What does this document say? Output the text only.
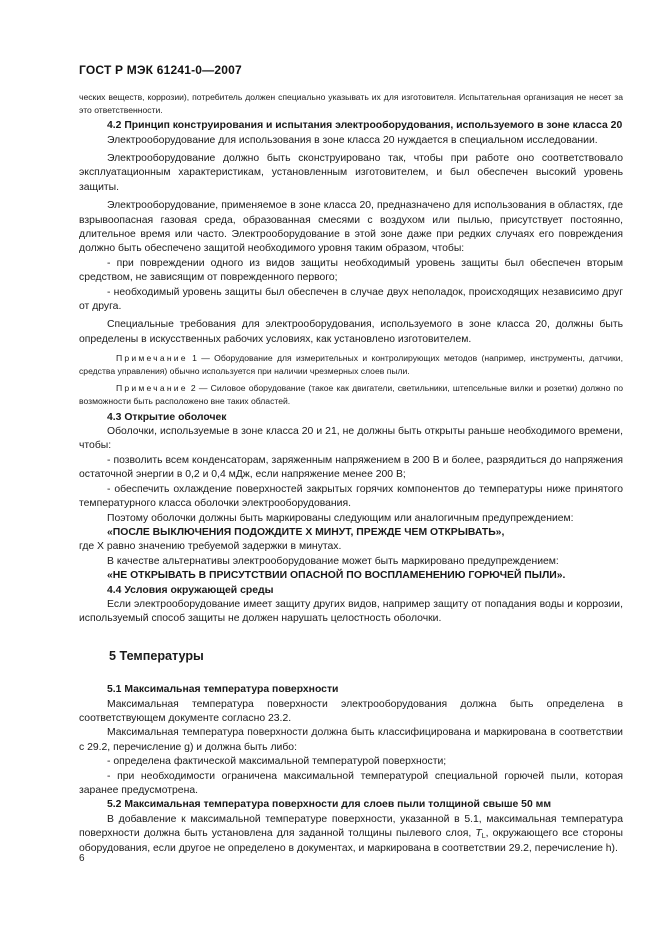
ГОСТ Р МЭК 61241-0—2007

ческих веществ, коррозии), потребитель должен специально указывать их для изготовителя. Испытательная организация не несет за это ответственности.

4.2 Принцип конструирования и испытания электрооборудования, используемого в зоне класса 20

Электрооборудование для использования в зоне класса 20 нуждается в специальном исследовании.

Электрооборудование должно быть сконструировано так, чтобы при работе оно соответствовало эксплуатационным характеристикам, установленным изготовителем, и был обеспечен высокий уровень защиты.

Электрооборудование, применяемое в зоне класса 20, предназначено для использования в областях, где взрывоопасная газовая среда, образованная смесями с воздухом или пылью, присутствует постоянно, длительное время или часто. Электрооборудование в этой зоне даже при редких случаях его повреждения должно быть обеспечено защитой необходимого уровня таким образом, чтобы:

- при повреждении одного из видов защиты необходимый уровень защиты был обеспечен вторым средством, не зависящим от поврежденного первого;

- необходимый уровень защиты был обеспечен в случае двух неполадок, происходящих независимо друг от друга.

Специальные требования для электрооборудования, используемого в зоне класса 20, должны быть определены в искусственных рабочих условиях, как установлено изготовителем.

Примечание 1 — Оборудование для измерительных и контролирующих методов (например, инструменты, датчики, средства управления) обычно используется при наличии чрезмерных слоев пыли.

Примечание 2 — Силовое оборудование (такое как двигатели, светильники, штепсельные вилки и розетки) должно по возможности быть расположено вне таких областей.

4.3 Открытие оболочек

Оболочки, используемые в зоне класса 20 и 21, не должны быть открыты раньше необходимого времени, чтобы:

- позволить всем конденсаторам, заряженным напряжением в 200 В и более, разрядиться до напряжения остаточной энергии в 0,2 и 0,4 мДж, если напряжение менее 200 В;

- обеспечить охлаждение поверхностей закрытых горячих компонентов до температуры ниже принятого температурного класса оболочки электрооборудования.

Поэтому оболочки должны быть маркированы следующим или аналогичным предупреждением:

«ПОСЛЕ ВЫКЛЮЧЕНИЯ ПОДОЖДИТЕ X МИНУТ, ПРЕЖДЕ ЧЕМ ОТКРЫВАТЬ»,

где X равно значению требуемой задержки в минутах.

В качестве альтернативы электрооборудование может быть маркировано предупреждением:

«НЕ ОТКРЫВАТЬ В ПРИСУТСТВИИ ОПАСНОЙ ПО ВОСПЛАМЕНЕНИЮ ГОРЮЧЕЙ ПЫЛИ».

4.4 Условия окружающей среды

Если электрооборудование имеет защиту других видов, например защиту от попадания воды и коррозии, используемый способ защиты не должен нарушать целостность оболочки.

5 Температуры

5.1 Максимальная температура поверхности

Максимальная температура поверхности электрооборудования должна быть определена в соответствующем документе согласно 23.2.

Максимальная температура поверхности должна быть классифицирована и маркирована в соответствии с 29.2, перечисление g) и должна быть либо:

- определена фактической максимальной температурой поверхности;

- при необходимости ограничена максимальной температурой специальной горючей пыли, которая заранее предусмотрена.

5.2 Максимальная температура поверхности для слоев пыли толщиной свыше 50 мм

В добавление к максимальной температуре поверхности, указанной в 5.1, максимальная температура поверхности должна быть установлена для заданной толщины пылевого слоя, $T_L$, окружающего все стороны оборудования, если другое не определено в документах, и маркирована в соответствии 29.2, перечисление h).

6
